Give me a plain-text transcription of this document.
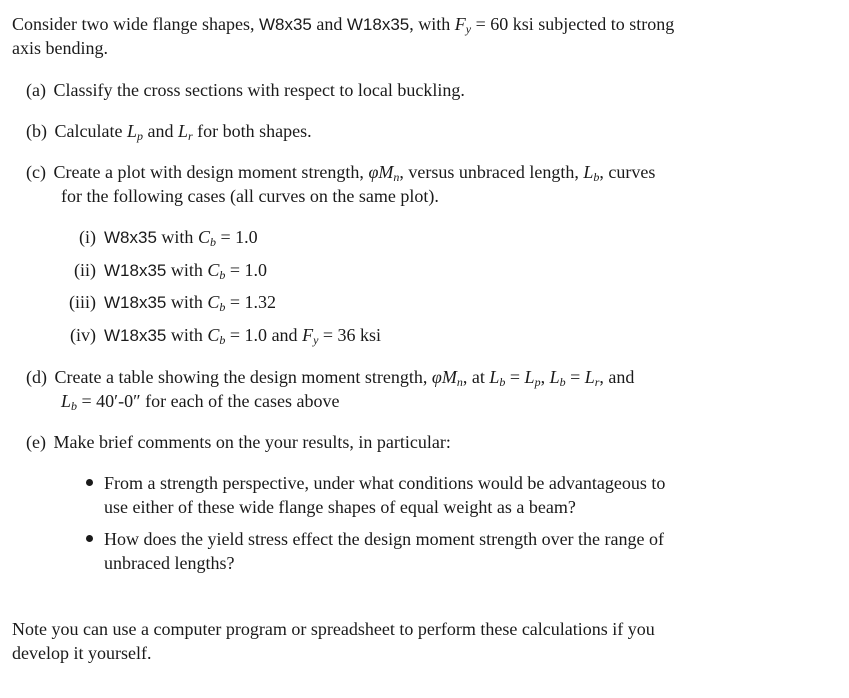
Consider two wide flange shapes, W8x35 and W18x35, with $F_y = 60$ ksi subjected to strong
axis bending.
(a) Classify the cross sections with respect to local buckling.
(b) Calculate $L_p$ and $L_r$ for both shapes.
(c) Create a plot with design moment strength, $\varphi M_n$, versus unbraced length, $L_b$, curves
for the following cases (all curves on the same plot).
(i) W8x35 with $C_b = 1.0$
(ii) W18x35 with $C_b = 1.0$
(iii) W18x35 with $C_b = 1.32$
(iv) W18x35 with $C_b = 1.0$ and $F_y = 36$ ksi
(d) Create a table showing the design moment strength, $\varphi M_n$, at $L_b = L_p$, $L_b = L_r$, and
$L_b = 40'-0''$ for each of the cases above
(e) Make brief comments on the your results, in particular:
From a strength perspective, under what conditions would be advantageous to
use either of these wide flange shapes of equal weight as a beam?
How does the yield stress effect the design moment strength over the range of
unbraced lengths?
Note you can use a computer program or spreadsheet to perform these calculations if you
develop it yourself.
